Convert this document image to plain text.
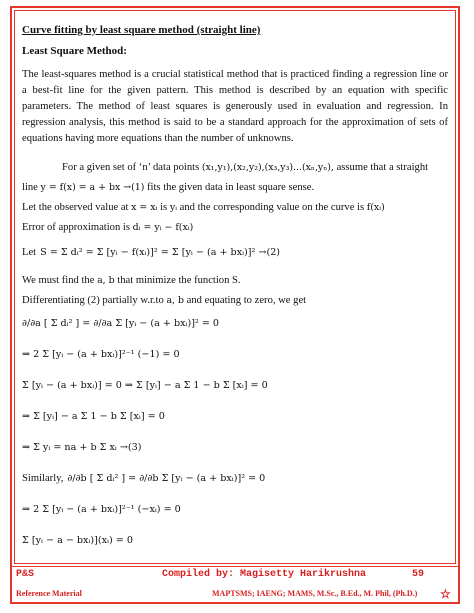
Curve fitting by least square method (straight line)

Least Square Method:

The least-squares method is a crucial statistical method that is practiced finding a regression line or a best-fit line for the given pattern. This method is described by an equation with specific parameters. The method of least squares is generously used in evaluation and regression. In regression analysis, this method is said to be a standard approach for the approximation of sets of equations having more equations than the number of unknowns.

For a given set of ‘n’ data points (x₁,y₁),(x₂,y₂),(x₃,y₃)...(xₙ,yₙ), assume that a straight

line y = f(x) = a + bx →(1) fits the given data in least square sense.

Let the observed value at x = xᵢ is yᵢ and the corresponding value on the curve is f(xᵢ)

Error of approximation is dᵢ = yᵢ − f(xᵢ)

Let S = Σ dᵢ² = Σ [yᵢ − f(xᵢ)]² = Σ [yᵢ − (a + bxᵢ)]² →(2)

We must find the a, b that minimize the function S.

Differentiating (2) partially w.r.to a, b and equating to zero, we get

∂/∂a [ Σ dᵢ² ] = ∂/∂a Σ [yᵢ − (a + bxᵢ)]² = 0
⇒ 2 Σ [yᵢ − (a + bxᵢ)]²⁻¹ (−1) = 0
Σ [yᵢ − (a + bxᵢ)] = 0 ⇒ Σ [yᵢ] − a Σ 1 − b Σ [xᵢ] = 0
⇒ Σ [yᵢ] − a Σ 1 − b Σ [xᵢ] = 0
⇒ Σ yᵢ = na + b Σ xᵢ →(3)
Similarly, ∂/∂b [ Σ dᵢ² ] = ∂/∂b Σ [yᵢ − (a + bxᵢ)]² = 0
⇒ 2 Σ [yᵢ − (a + bxᵢ)]²⁻¹ (−xᵢ) = 0
Σ [yᵢ − a − bxᵢ)](xᵢ) = 0
P&S	Compiled by: Magisetty Harikrushna	59
Reference Material	MAPTSMS; IAENG; MAMS, M.Sc., B.Ed., M. Phil, (Ph.D.) ☆
